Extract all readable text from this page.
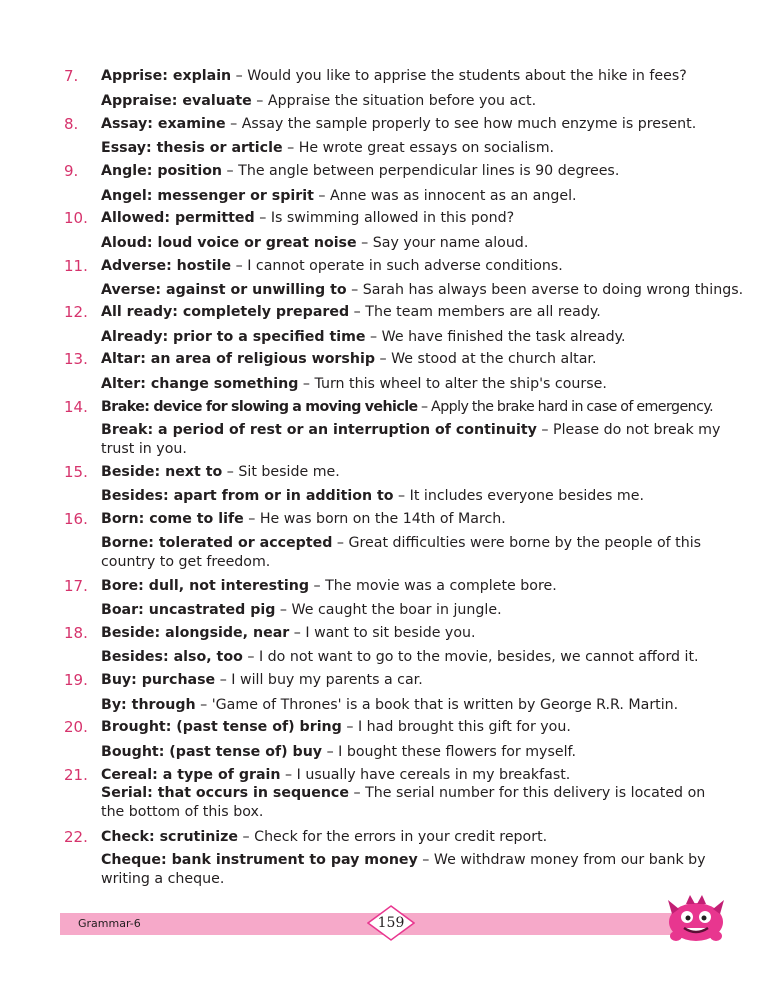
7. Apprise: explain – Would you like to apprise the students about the hike in fees?
Appraise: evaluate – Appraise the situation before you act.
8. Assay: examine – Assay the sample properly to see how much enzyme is present.
Essay: thesis or article – He wrote great essays on socialism.
9. Angle: position – The angle between perpendicular lines is 90 degrees.
Angel: messenger or spirit – Anne was as innocent as an angel.
10. Allowed: permitted – Is swimming allowed in this pond?
Aloud: loud voice or great noise – Say your name aloud.
11. Adverse: hostile – I cannot operate in such adverse conditions.
Averse: against or unwilling to – Sarah has always been averse to doing wrong things.
12. All ready: completely prepared – The team members are all ready.
Already: prior to a specified time – We have finished the task already.
13. Altar: an area of religious worship – We stood at the church altar.
Alter: change something – Turn this wheel to alter the ship's course.
14. Brake: device for slowing a moving vehicle – Apply the brake hard in case of emergency.
Break: a period of rest or an interruption of continuity – Please do not break my trust in you.
15. Beside: next to – Sit beside me.
Besides: apart from or in addition to – It includes everyone besides me.
16. Born: come to life – He was born on the 14th of March.
Borne: tolerated or accepted – Great difficulties were borne by the people of this country to get freedom.
17. Bore: dull, not interesting – The movie was a complete bore.
Boar: uncastrated pig – We caught the boar in jungle.
18. Beside: alongside, near – I want to sit beside you.
Besides: also, too – I do not want to go to the movie, besides, we cannot afford it.
19. Buy: purchase – I will buy my parents a car.
By: through – 'Game of Thrones' is a book that is written by George R.R. Martin.
20. Brought: (past tense of) bring – I had brought this gift for you.
Bought: (past tense of) buy – I bought these flowers for myself.
21. Cereal: a type of grain – I usually have cereals in my breakfast.
Serial: that occurs in sequence – The serial number for this delivery is located on the bottom of this box.
22. Check: scrutinize – Check for the errors in your credit report.
Cheque: bank instrument to pay money – We withdraw money from our bank by writing a cheque.
Grammar-6	159
